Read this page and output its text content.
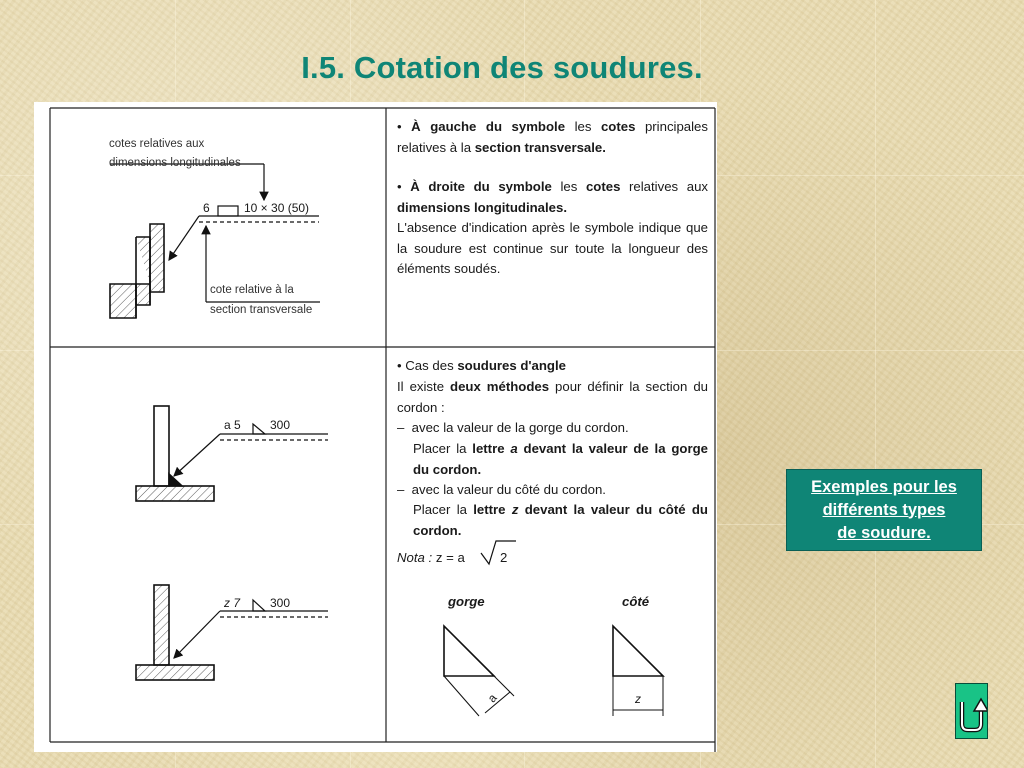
I.5. Cotation des soudures.
cotes relatives aux
dimensions longitudinales
6	10 × 30 (50)
cote relative à la
section transversale
a 5 300
z 7 300
• À gauche du symbole les cotes principales relatives à la section transversale.
• À droite du symbole les cotes relatives aux dimensions longitudinales.
L'absence d'indication après le symbole indique que la soudure est continue sur toute la longueur des éléments soudés.
• Cas des soudures d'angle
Il existe deux méthodes pour définir la section du cordon :
–  avec la valeur de la gorge du cordon.
Placer la lettre a devant la valeur de la gorge du cordon.
–  avec la valeur du côté du cordon.
Placer la lettre z devant la valeur du côté du cordon.
Nota : z = a	2
gorge	côté
a	z
Exemples pour les
différents types
de soudure.
